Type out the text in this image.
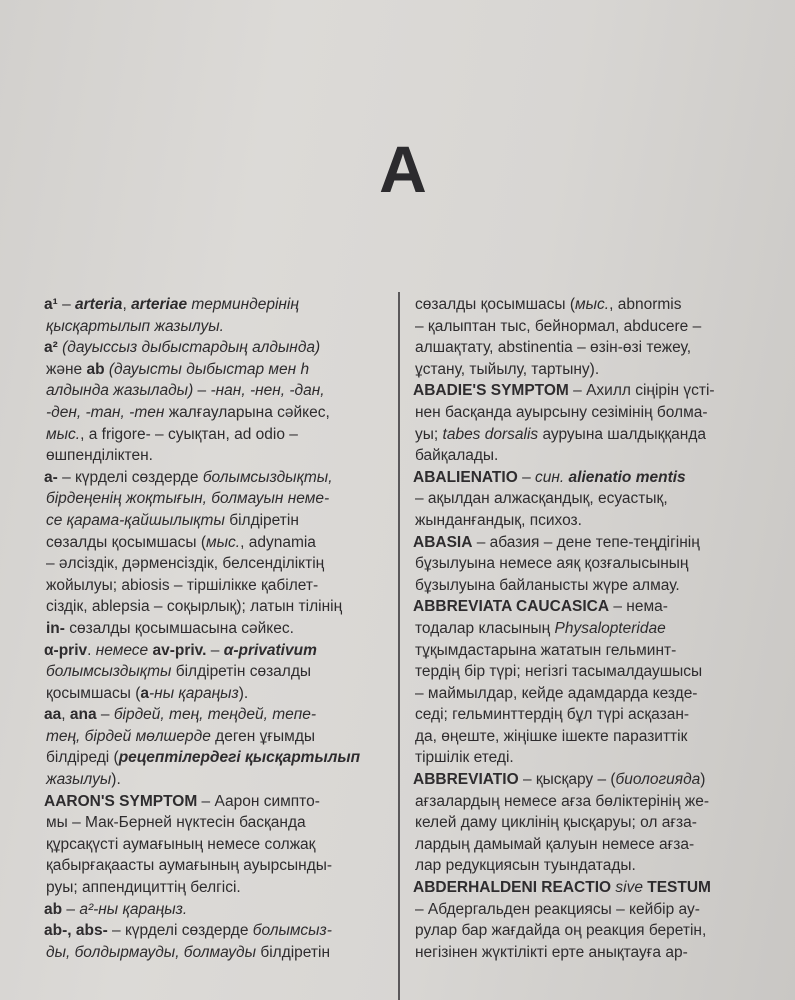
A
a¹ – arteria, arteriae терминдерінің
қысқартылып жазылуы.
a² (дауыссыз дыбыстардың алдында)
және ab (дауысты дыбыстар мен h
алдында жазылады) – -нан, -нен, -дан,
-ден, -тан, -тен жалғауларына сәйкес,
мыс., a frigore- – суықтан, ad odio –
өшпенділіктен.
a- – күрделі сөздерде болымсыздықты,
бірдеңенің жоқтығын, болмауын неме-
се қарама-қайшылықты білдіретін
сөзалды қосымшасы (мыс., adynamia
– әлсіздік, дәрменсіздік, белсенділіктің
жойылуы; abiosis – тіршілікке қабілет-
сіздік, ablepsia – соқырлық); латын тілінің
in- сөзалды қосымшасына сәйкес.
α-priv. немесе av-priv. – α-privativum
болымсыздықты білдіретін сөзалды
қосымшасы (a-ны қараңыз).
aa, ana – бірдей, тең, теңдей, тепе-
тең, бірдей мөлшерде деген ұғымды
білдіреді (рецептілердегі қысқартылып
жазылуы).
AARON'S SYMPTOM – Аарон симпто-
мы – Мак-Берней нүктесін басқанда
құрсақүсті аумағының немесе солжақ
қабырғақаасты аумағының ауырсынды-
руы; аппендициттің белгісі.
ab – a²-ны қараңыз.
ab-, abs- – күрделі сөздерде болымсыз-
ды, болдырмауды, болмауды білдіретін
сөзалды қосымшасы (мыс., abnormis
– қалыптан тыс, бейнормал, abducere –
алшақтату, abstinentia – өзін-өзі тежеу,
ұстану, тыйылу, тартыну).
ABADIE'S SYMPTOM – Ахилл сіңірін үсті-
нен басқанда ауырсыну сезімінің болма-
уы; tabes dorsalis ауруына шалдыққанда
байқалады.
ABALIENATIO – син. alienatio mentis
– ақылдан алжасқандық, есуастық,
жынданғандық, психоз.
ABASIA – абазия – дене тепе-теңдігінің
бұзылуына немесе аяқ қозғалысының
бұзылуына байланысты жүре алмау.
ABBREVIATA CAUCASICA – нема-
тодалар класының Physalopteridae
тұқымдастарына жататын гельминт-
тердің бір түрі; негізгі тасымалдаушысы
– маймылдар, кейде адамдарда кезде-
седі; гельминттердің бұл түрі асқазан-
да, өңеште, жіңішке ішекте паразиттік
тіршілік етеді.
ABBREVIATIO – қысқару – (биологияда)
ағзалардың немесе ағза бөліктерінің же-
келей даму циклінің қысқаруы; ол ағза-
лардың дамымай қалуын немесе ағза-
лар редукциясын туындатады.
ABDERHALDENI REACTIO sive TESTUM
– Абдергальден реакциясы – кейбір ау-
рулар бар жағдайда оң реакция беретін,
негізінен жүктілікті ерте анықтауға ар-
